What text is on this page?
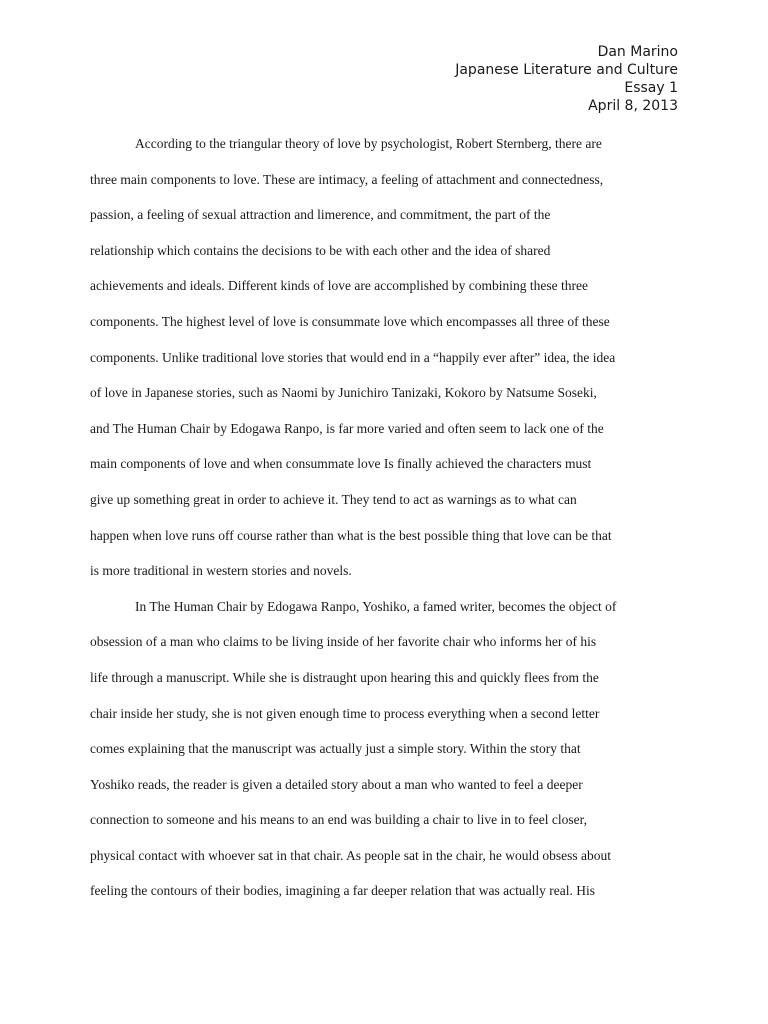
Dan Marino
Japanese Literature and Culture
Essay 1
April 8, 2013
According to the triangular theory of love by psychologist, Robert Sternberg, there are
three main components to love. These are intimacy, a feeling of attachment and connectedness,
passion, a feeling of sexual attraction and limerence, and commitment, the part of the
relationship which contains the decisions to be with each other and the idea of shared
achievements and ideals. Different kinds of love are accomplished by combining these three
components. The highest level of love is consummate love which encompasses all three of these
components. Unlike traditional love stories that would end in a “happily ever after” idea, the idea
of love in Japanese stories, such as Naomi by Junichiro Tanizaki, Kokoro by Natsume Soseki,
and The Human Chair by Edogawa Ranpo, is far more varied and often seem to lack one of the
main components of love and when consummate love Is finally achieved the characters must
give up something great in order to achieve it. They tend to act as warnings as to what can
happen when love runs off course rather than what is the best possible thing that love can be that
is more traditional in western stories and novels.
In The Human Chair by Edogawa Ranpo, Yoshiko, a famed writer, becomes the object of
obsession of a man who claims to be living inside of her favorite chair who informs her of his
life through a manuscript. While she is distraught upon hearing this and quickly flees from the
chair inside her study, she is not given enough time to process everything when a second letter
comes explaining that the manuscript was actually just a simple story. Within the story that
Yoshiko reads, the reader is given a detailed story about a man who wanted to feel a deeper
connection to someone and his means to an end was building a chair to live in to feel closer,
physical contact with whoever sat in that chair. As people sat in the chair, he would obsess about
feeling the contours of their bodies, imagining a far deeper relation that was actually real. His
